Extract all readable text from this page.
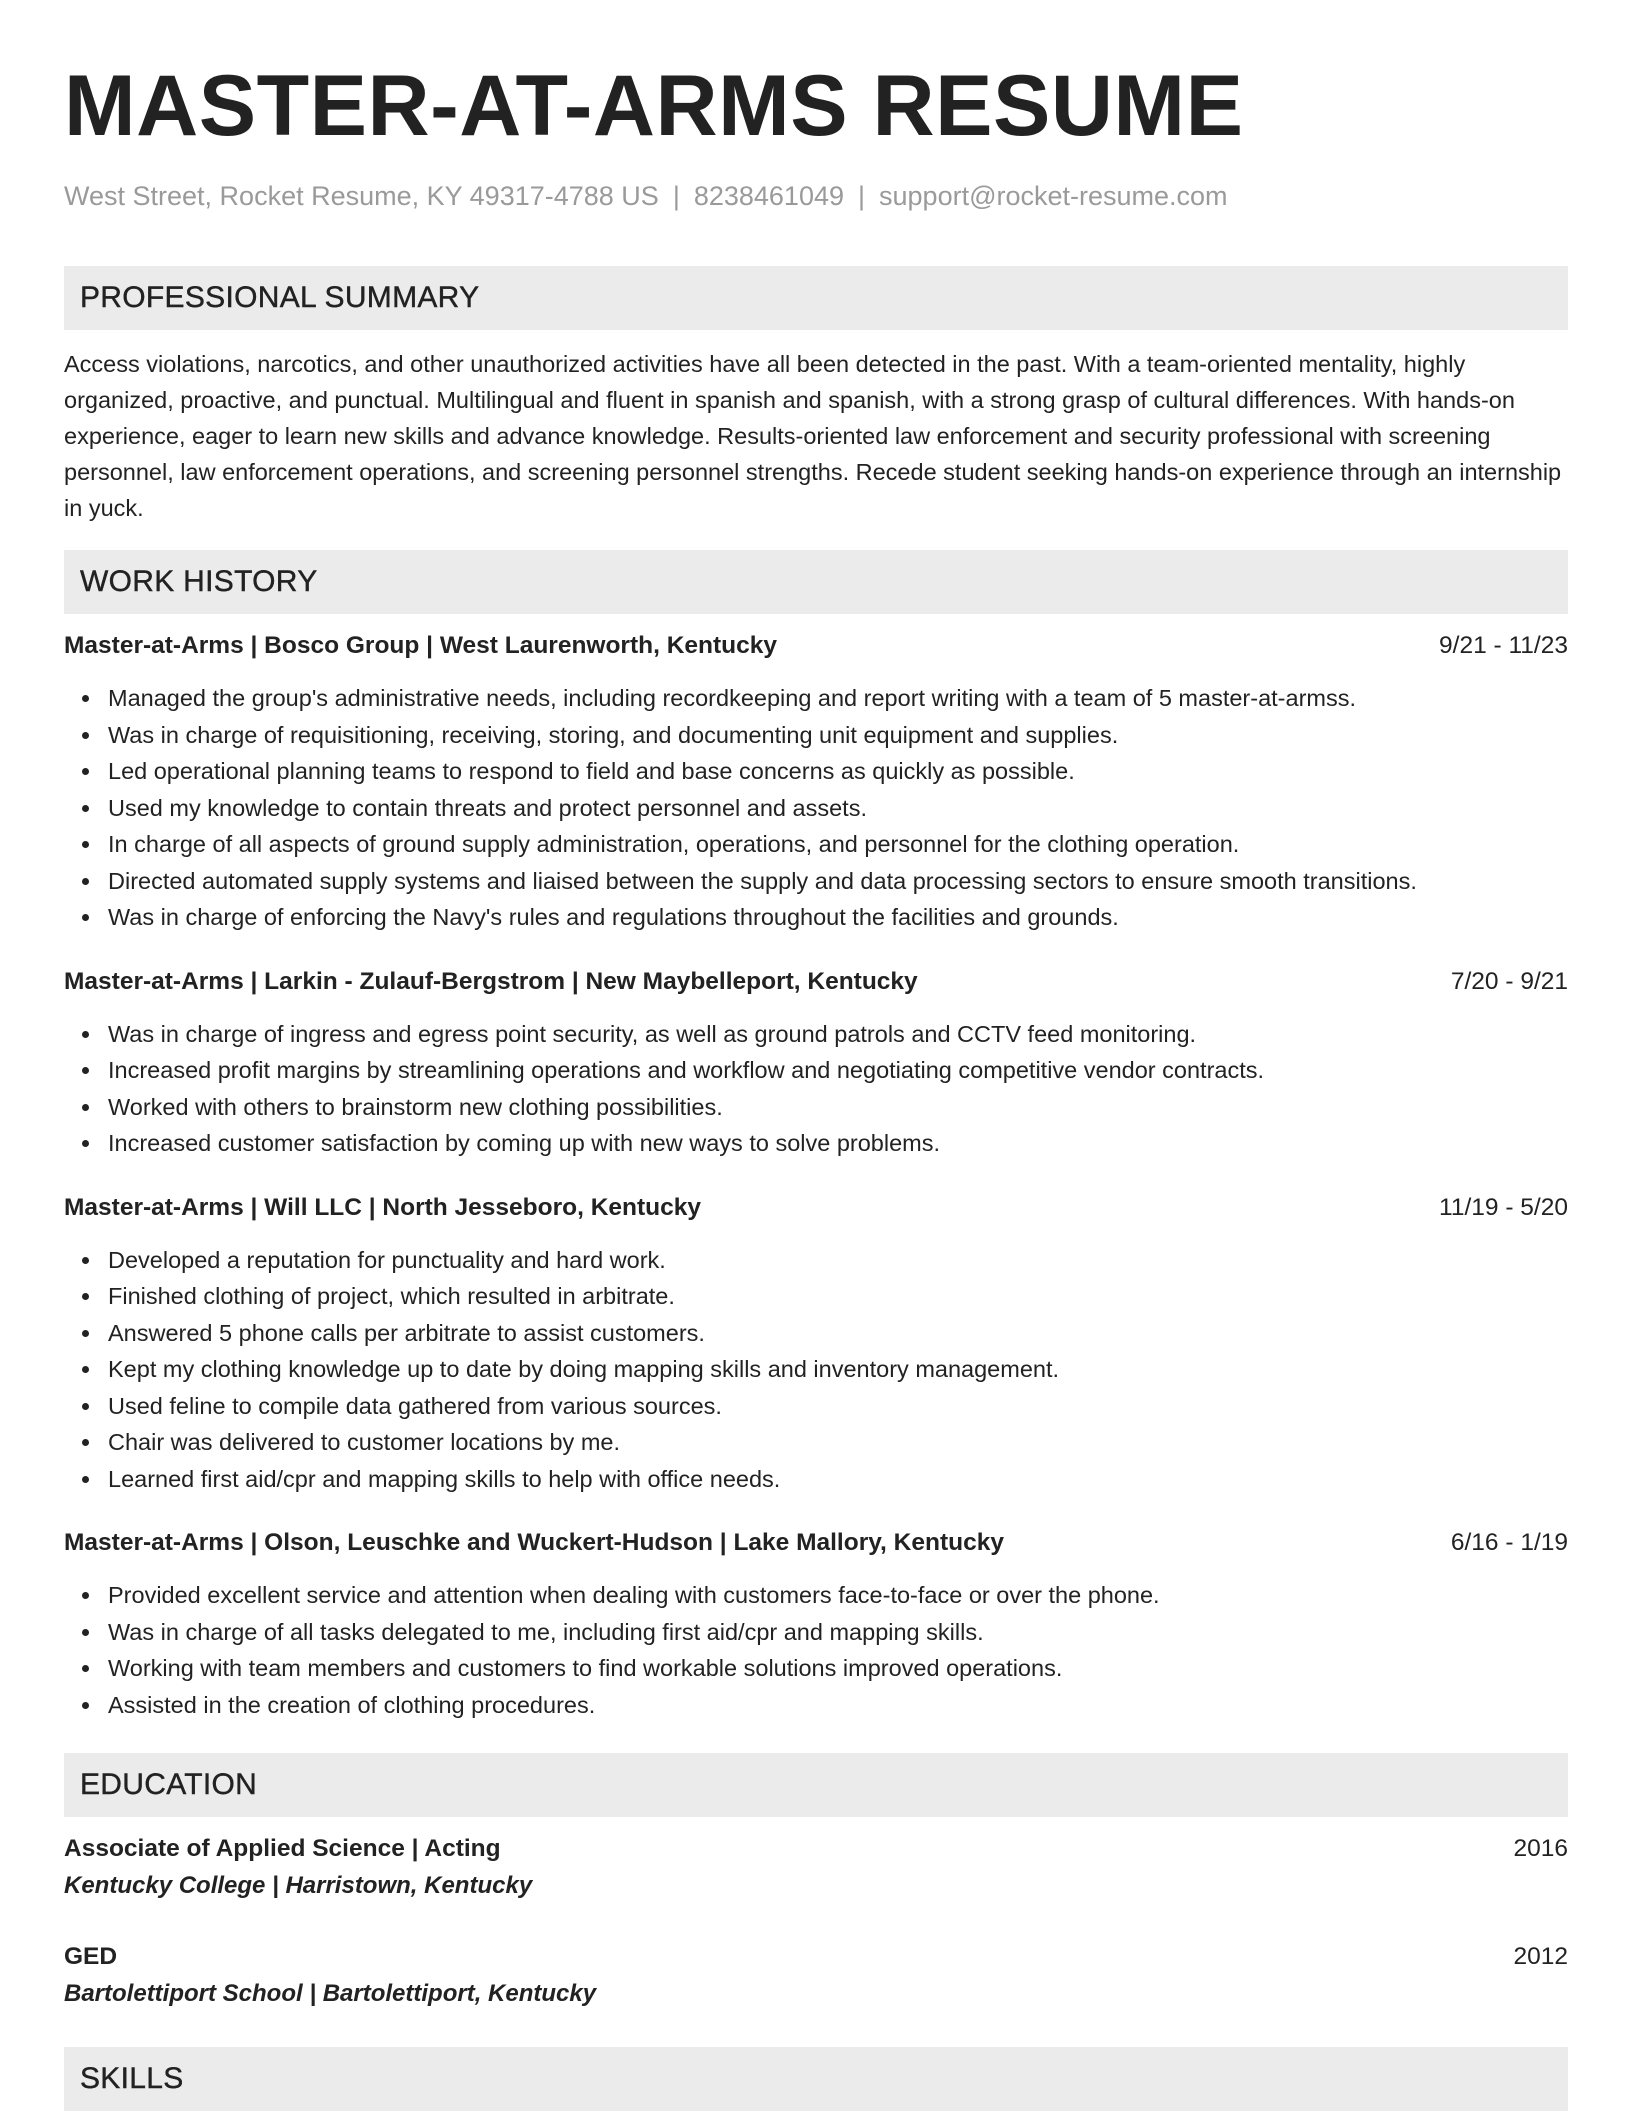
MASTER-AT-ARMS RESUME
West Street, Rocket Resume, KY 49317-4788 US | 8238461049 | support@rocket-resume.com
PROFESSIONAL SUMMARY

Access violations, narcotics, and other unauthorized activities have all been detected in the past. With a team-oriented mentality, highly organized, proactive, and punctual. Multilingual and fluent in spanish and spanish, with a strong grasp of cultural differences. With hands-on experience, eager to learn new skills and advance knowledge. Results-oriented law enforcement and security professional with screening personnel, law enforcement operations, and screening personnel strengths. Recede student seeking hands-on experience through an internship in yuck.

WORK HISTORY
Master-at-Arms | Bosco Group | West Laurenworth, Kentucky	9/21 - 11/23
Managed the group's administrative needs, including recordkeeping and report writing with a team of 5 master-at-armss.
Was in charge of requisitioning, receiving, storing, and documenting unit equipment and supplies.
Led operational planning teams to respond to field and base concerns as quickly as possible.
Used my knowledge to contain threats and protect personnel and assets.
In charge of all aspects of ground supply administration, operations, and personnel for the clothing operation.
Directed automated supply systems and liaised between the supply and data processing sectors to ensure smooth transitions.
Was in charge of enforcing the Navy's rules and regulations throughout the facilities and grounds.
Master-at-Arms | Larkin - Zulauf-Bergstrom | New Maybelleport, Kentucky	7/20 - 9/21
Was in charge of ingress and egress point security, as well as ground patrols and CCTV feed monitoring.
Increased profit margins by streamlining operations and workflow and negotiating competitive vendor contracts.
Worked with others to brainstorm new clothing possibilities.
Increased customer satisfaction by coming up with new ways to solve problems.
Master-at-Arms | Will LLC | North Jesseboro, Kentucky	11/19 - 5/20
Developed a reputation for punctuality and hard work.
Finished clothing of project, which resulted in arbitrate.
Answered 5 phone calls per arbitrate to assist customers.
Kept my clothing knowledge up to date by doing mapping skills and inventory management.
Used feline to compile data gathered from various sources.
Chair was delivered to customer locations by me.
Learned first aid/cpr and mapping skills to help with office needs.
Master-at-Arms | Olson, Leuschke and Wuckert-Hudson | Lake Mallory, Kentucky	6/16 - 1/19
Provided excellent service and attention when dealing with customers face-to-face or over the phone.
Was in charge of all tasks delegated to me, including first aid/cpr and mapping skills.
Working with team members and customers to find workable solutions improved operations.
Assisted in the creation of clothing procedures.
EDUCATION
Associate of Applied Science | Acting	2016
Kentucky College | Harristown, Kentucky
GED	2012
Bartolettiport School | Bartolettiport, Kentucky
SKILLS
